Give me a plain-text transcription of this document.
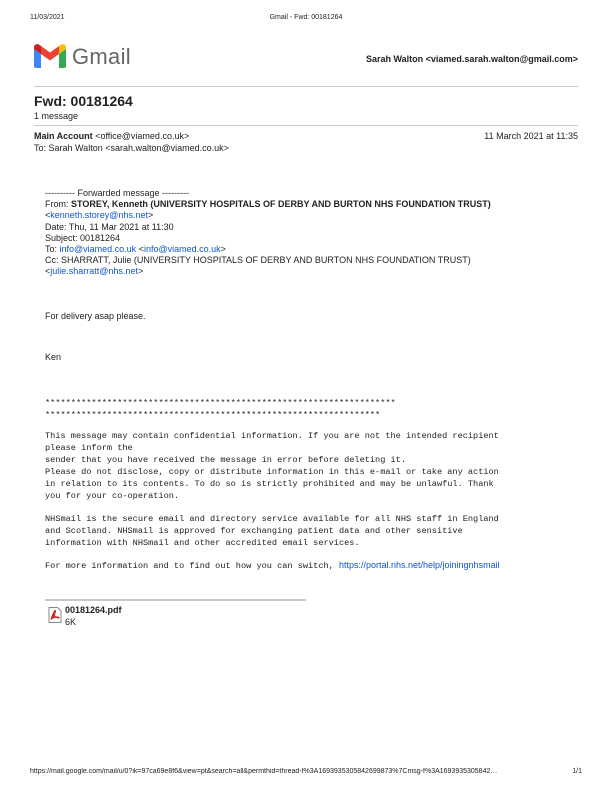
11/03/2021	Gmail - Fwd: 00181264
Gmail	Sarah Walton <viamed.sarah.walton@gmail.com>
Fwd: 00181264
1 message
Main Account <office@viamed.co.uk>	11 March 2021 at 11:35
To: Sarah Walton <sarah.walton@viamed.co.uk>
---------- Forwarded message ---------
From: STOREY, Kenneth (UNIVERSITY HOSPITALS OF DERBY AND BURTON NHS FOUNDATION TRUST)
<kenneth.storey@nhs.net>
Date: Thu, 11 Mar 2021 at 11:30
Subject: 00181264
To: info@viamed.co.uk <info@viamed.co.uk>
Cc: SHARRATT, Julie (UNIVERSITY HOSPITALS OF DERBY AND BURTON NHS FOUNDATION TRUST)
<julie.sharratt@nhs.net>
For delivery asap please.
Ken
********************************************************************
*****************************************************************
This message may contain confidential information. If you are not the intended recipient
please inform the
sender that you have received the message in error before deleting it.
Please do not disclose, copy or distribute information in this e-mail or take any action
in relation to its contents. To do so is strictly prohibited and may be unlawful. Thank
you for your co-operation.
NHSmail is the secure email and directory service available for all NHS staff in England
and Scotland. NHSmail is approved for exchanging patient data and other sensitive
information with NHSmail and other accredited email services.
For more information and to find out how you can switch, https://portal.nhs.net/help/joiningnhsmail
00181264.pdf
6K
https://mail.google.com/mail/u/0?ik=97ca69e8f6&view=pt&search=all&permthid=thread-f%3A1693935305842699873%7Cmsg-f%3A1693935305842…	1/1
